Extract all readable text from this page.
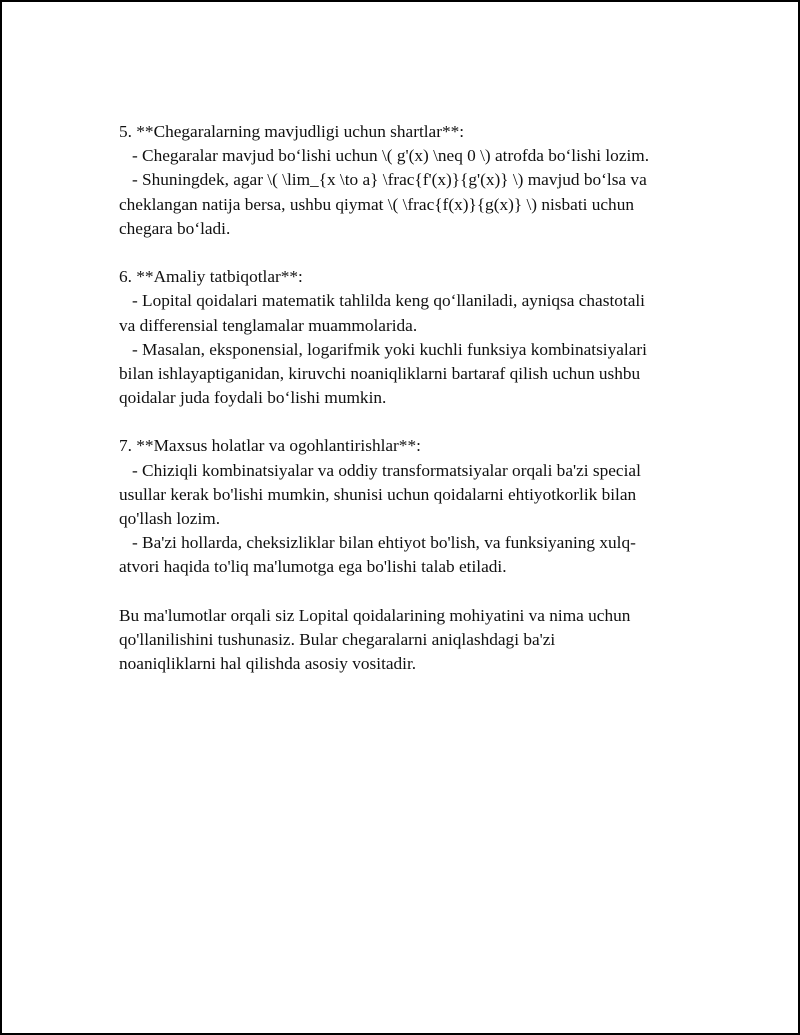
5. **Chegaralarning mavjudligi uchun shartlar**:
- Chegaralar mavjud bo‘lishi uchun \( g'(x) \neq 0 \) atrofda bo‘lishi lozim.
- Shuningdek, agar \( \lim_{x \to a} \frac{f'(x)}{g'(x)} \) mavjud bo‘lsa va
cheklangan natija bersa, ushbu qiymat \( \frac{f(x)}{g(x)} \) nisbati uchun
chegara bo‘ladi.
6. **Amaliy tatbiqotlar**:
- Lopital qoidalari matematik tahlilda keng qo‘llaniladi, ayniqsa chastotali
va differensial tenglamalar muammolarida.
- Masalan, eksponensial, logarifmik yoki kuchli funksiya kombinatsiyalari
bilan ishlayaptiganidan, kiruvchi noaniqliklarni bartaraf qilish uchun ushbu
qoidalar juda foydali bo‘lishi mumkin.
7. **Maxsus holatlar va ogohlantirishlar**:
- Chiziqli kombinatsiyalar va oddiy transformatsiyalar orqali ba'zi special
usullar kerak bo'lishi mumkin, shunisi uchun qoidalarni ehtiyotkorlik bilan
qo'llash lozim.
- Ba'zi hollarda, cheksizliklar bilan ehtiyot bo'lish, va funksiyaning xulq-
atvori haqida to'liq ma'lumotga ega bo'lishi talab etiladi.
Bu ma'lumotlar orqali siz Lopital qoidalarining mohiyatini va nima uchun
qo'llanilishini tushunasiz. Bular chegaralarni aniqlashdagi ba'zi
noaniqliklarni hal qilishda asosiy vositadir.
